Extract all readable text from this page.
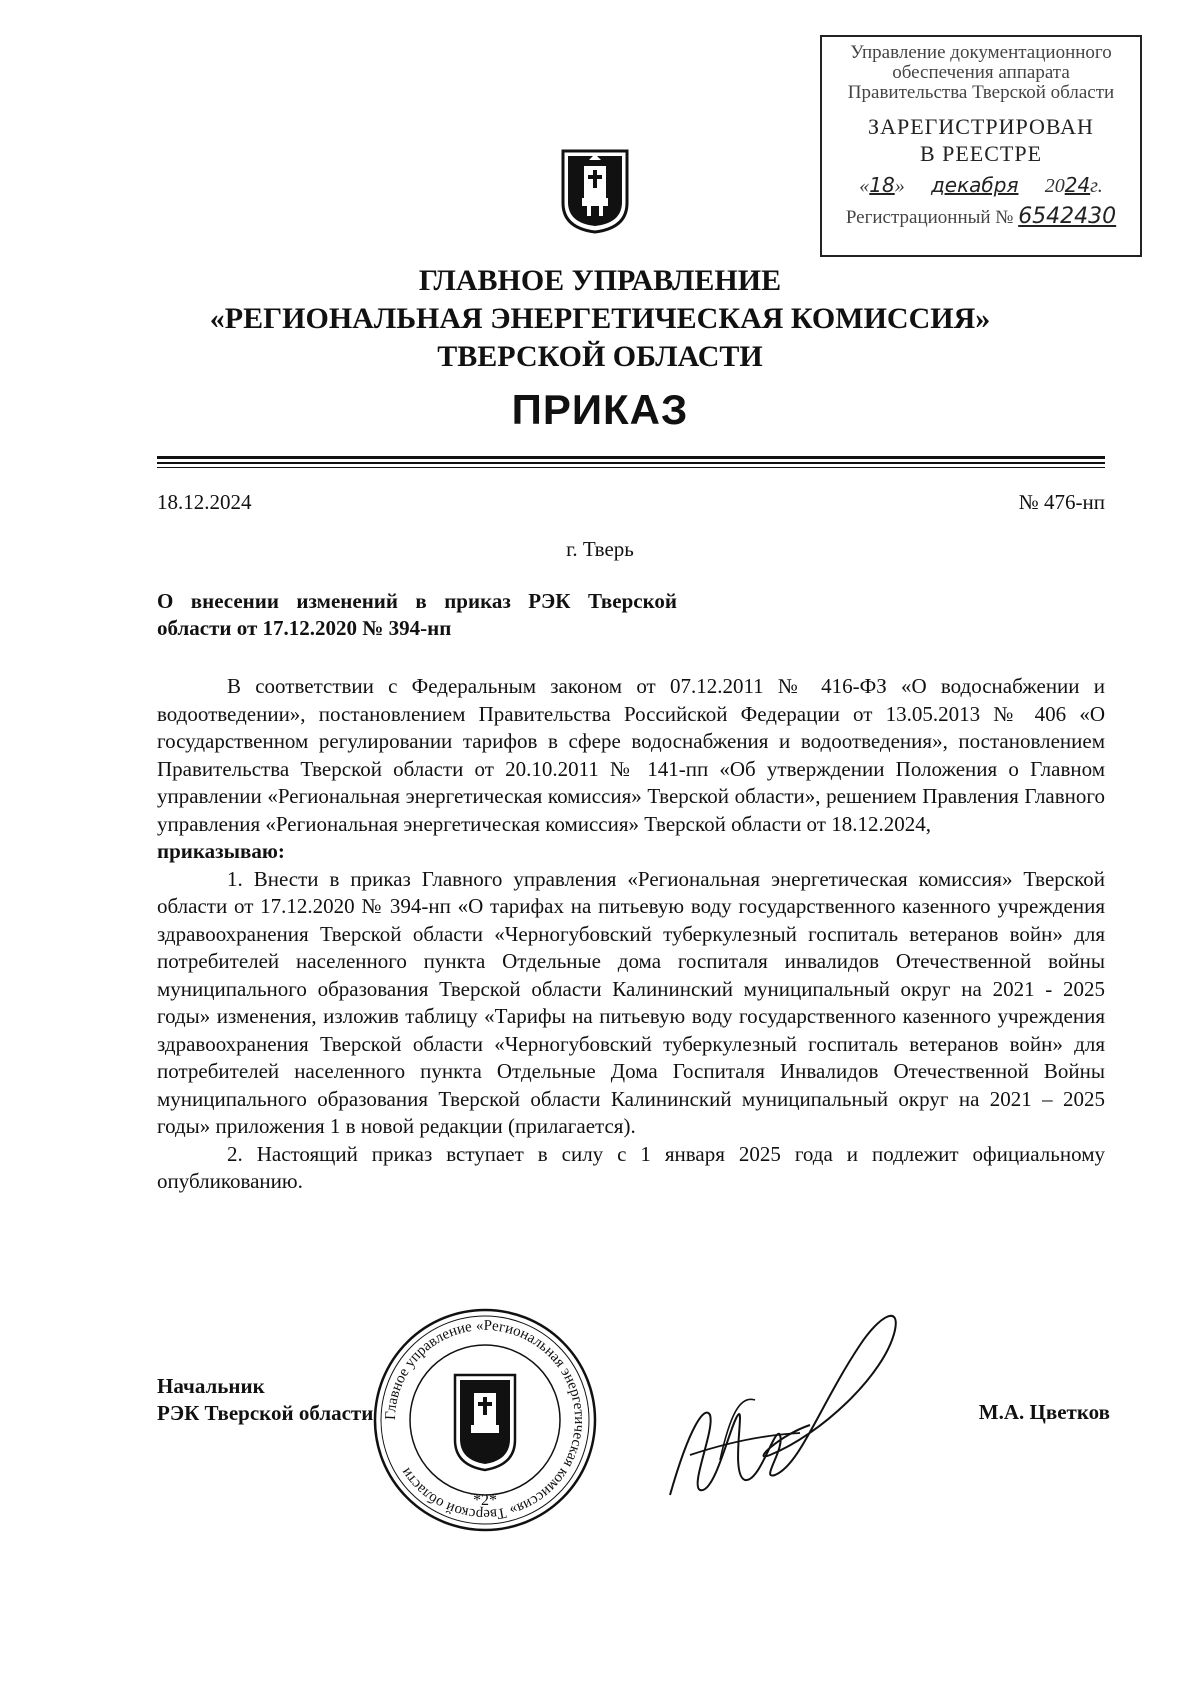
Управление документационного
обеспечения аппарата
Правительства Тверской области
ЗАРЕГИСТРИРОВАН
В РЕЕСТРЕ
«18» декабря 2024г.
Регистрационный № 6542430
ГЛАВНОЕ УПРАВЛЕНИЕ
«РЕГИОНАЛЬНАЯ ЭНЕРГЕТИЧЕСКАЯ КОМИССИЯ»
ТВЕРСКОЙ ОБЛАСТИ
ПРИКАЗ
18.12.2024	№ 476-нп
г. Тверь
О внесении изменений в приказ РЭК Тверской области от 17.12.2020 № 394-нп

В соответствии с Федеральным законом от 07.12.2011 № 416-ФЗ «О водоснабжении и водоотведении», постановлением Правительства Российской Федерации от 13.05.2013 № 406 «О государственном регулировании тарифов в сфере водоснабжения и водоотведения», постановлением Правительства Тверской области от 20.10.2011 № 141-пп «Об утверждении Положения о Главном управлении «Региональная энергетическая комиссия» Тверской области», решением Правления Главного управления «Региональная энергетическая комиссия» Тверской области от 18.12.2024,

приказываю:

1. Внести в приказ Главного управления «Региональная энергетическая комиссия» Тверской области от 17.12.2020 № 394-нп «О тарифах на питьевую воду государственного казенного учреждения здравоохранения Тверской области «Черногубовский туберкулезный госпиталь ветеранов войн» для потребителей населенного пункта Отдельные дома госпиталя инвалидов Отечественной войны муниципального образования Тверской области Калининский муниципальный округ на 2021 - 2025 годы» изменения, изложив таблицу «Тарифы на питьевую воду государственного казенного учреждения здравоохранения Тверской области «Черногубовский туберкулезный госпиталь ветеранов войн» для потребителей населенного пункта Отдельные Дома Госпиталя Инвалидов Отечественной Войны муниципального образования Тверской области Калининский муниципальный округ на 2021 – 2025 годы» приложения 1 в новой редакции (прилагается).

2. Настоящий приказ вступает в силу с 1 января 2025 года и подлежит официальному опубликованию.

Главное управление «Региональная энергетическая комиссия» Тверской области
*2*
Начальник
РЭК Тверской области	М.А. Цветков
